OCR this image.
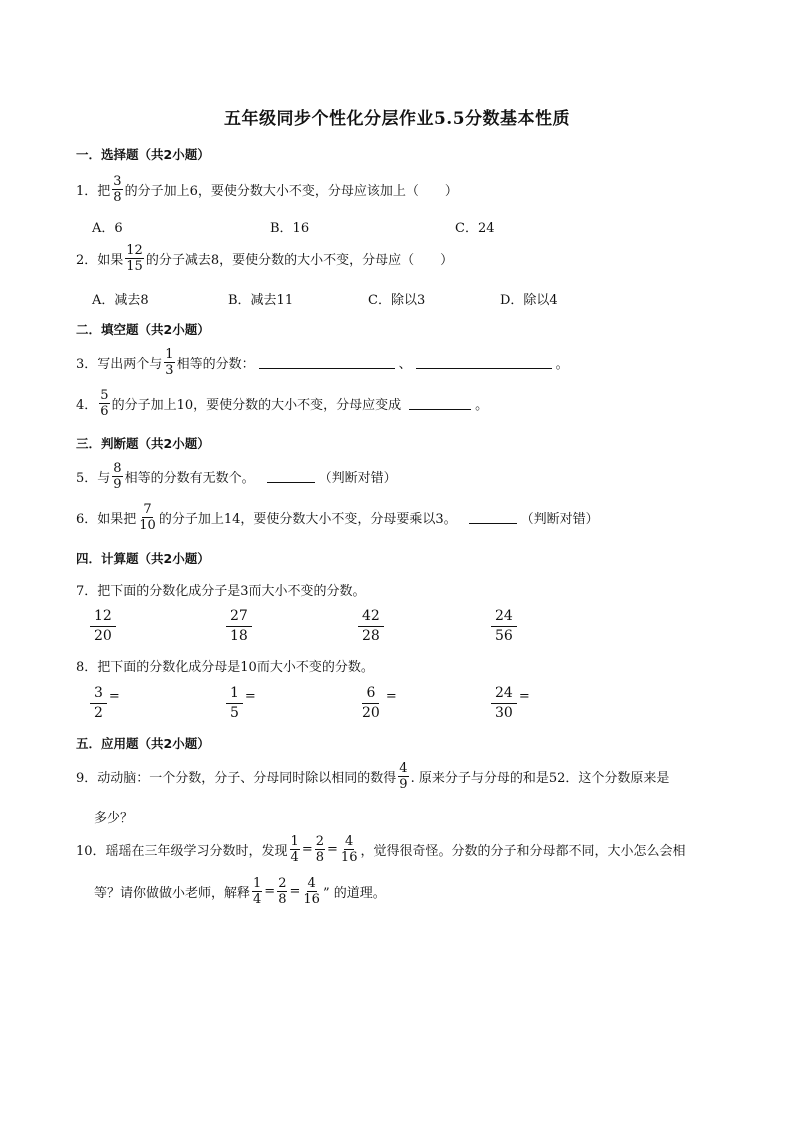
五年级同步个性化分层作业5.5分数基本性质
一．选择题（共2小题）
1．把 $\frac{3}{8}$ 的分子加上6，要使分数大小不变，分母应该加上（　　）
A．6	B．16	C．24
2．如果 $\frac{12}{15}$ 的分子减去8，要使分数的大小不变，分母应（　　）
A．减去8	B．减去11	C．除以3	D．除以4
二．填空题（共2小题）
3．写出两个与 $\frac{1}{3}$ 相等的分数：	、	。
4． $\frac{5}{6}$ 的分子加上10，要使分数的大小不变，分母应变成	。
三．判断题（共2小题）
5．与 $\frac{8}{9}$ 相等的分数有无数个。	（判断对错）
6．如果把 $\frac{7}{10}$ 的分子加上14，要使分数大小不变，分母要乘以3。	（判断对错）
四．计算题（共2小题）
7．把下面的分数化成分子是3而大小不变的分数。
$\frac{12}{20}$	$\frac{27}{18}$	$\frac{42}{28}$	$\frac{24}{56}$
8．把下面的分数化成分母是10而大小不变的分数。
$\frac{3}{2}$ =	$\frac{1}{5}$ =	$\frac{6}{20}$ =	$\frac{24}{30}$ =
五．应用题（共2小题）
9．动动脑：一个分数，分子、分母同时除以相同的数得 $\frac{4}{9}$ . 原来分子与分母的和是52．这个分数原来是
多少？
10．瑶瑶在三年级学习分数时，发现 $\frac{1}{4} = \frac{2}{8} = \frac{4}{16}$ ，觉得很奇怪。分数的分子和分母都不同，大小怎么会相
等？请你做做小老师，解释 $\frac{1}{4} = \frac{2}{8} = \frac{4}{16}$ ” 的道理。
